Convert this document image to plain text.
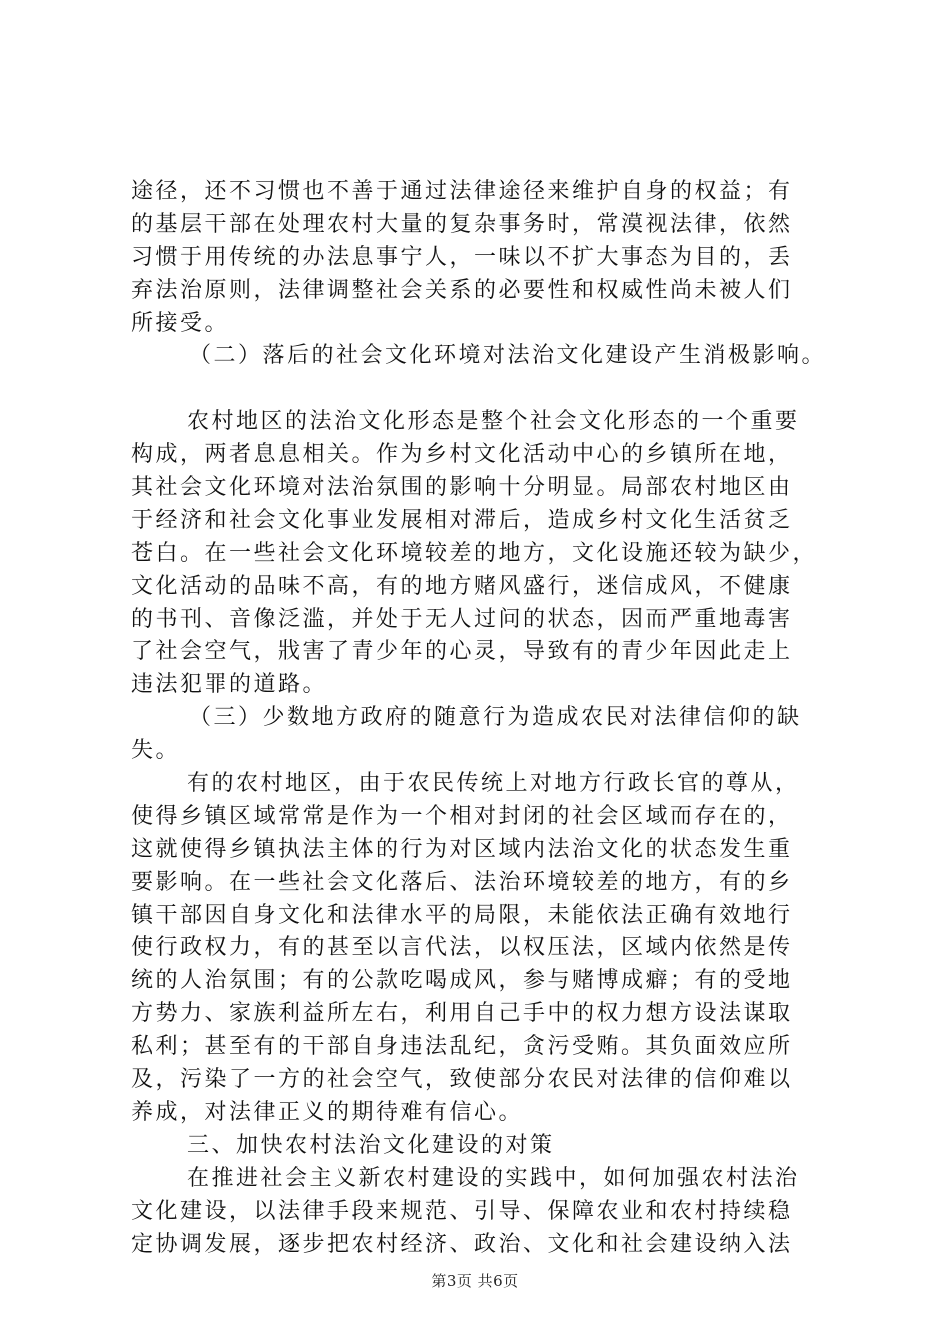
途径，还不习惯也不善于通过法律途径来维护自身的权益；有
的基层干部在处理农村大量的复杂事务时，常漠视法律，依然
习惯于用传统的办法息事宁人，一味以不扩大事态为目的，丢
弃法治原则，法律调整社会关系的必要性和权威性尚未被人们
所接受。
（二）落后的社会文化环境对法治文化建设产生消极影响。
农村地区的法治文化形态是整个社会文化形态的一个重要
构成，两者息息相关。作为乡村文化活动中心的乡镇所在地，
其社会文化环境对法治氛围的影响十分明显。局部农村地区由
于经济和社会文化事业发展相对滞后，造成乡村文化生活贫乏
苍白。在一些社会文化环境较差的地方，文化设施还较为缺少，
文化活动的品味不高，有的地方赌风盛行，迷信成风，不健康
的书刊、音像泛滥，并处于无人过问的状态，因而严重地毒害
了社会空气，戕害了青少年的心灵，导致有的青少年因此走上
违法犯罪的道路。
（三）少数地方政府的随意行为造成农民对法律信仰的缺
失。
有的农村地区，由于农民传统上对地方行政长官的尊从，
使得乡镇区域常常是作为一个相对封闭的社会区域而存在的，
这就使得乡镇执法主体的行为对区域内法治文化的状态发生重
要影响。在一些社会文化落后、法治环境较差的地方，有的乡
镇干部因自身文化和法律水平的局限，未能依法正确有效地行
使行政权力，有的甚至以言代法，以权压法，区域内依然是传
统的人治氛围；有的公款吃喝成风，参与赌博成癖；有的受地
方势力、家族利益所左右，利用自己手中的权力想方设法谋取
私利；甚至有的干部自身违法乱纪，贪污受贿。其负面效应所
及，污染了一方的社会空气，致使部分农民对法律的信仰难以
养成，对法律正义的期待难有信心。
三、加快农村法治文化建设的对策
在推进社会主义新农村建设的实践中，如何加强农村法治
文化建设，以法律手段来规范、引导、保障农业和农村持续稳
定协调发展，逐步把农村经济、政治、文化和社会建设纳入法
第3页 共6页
